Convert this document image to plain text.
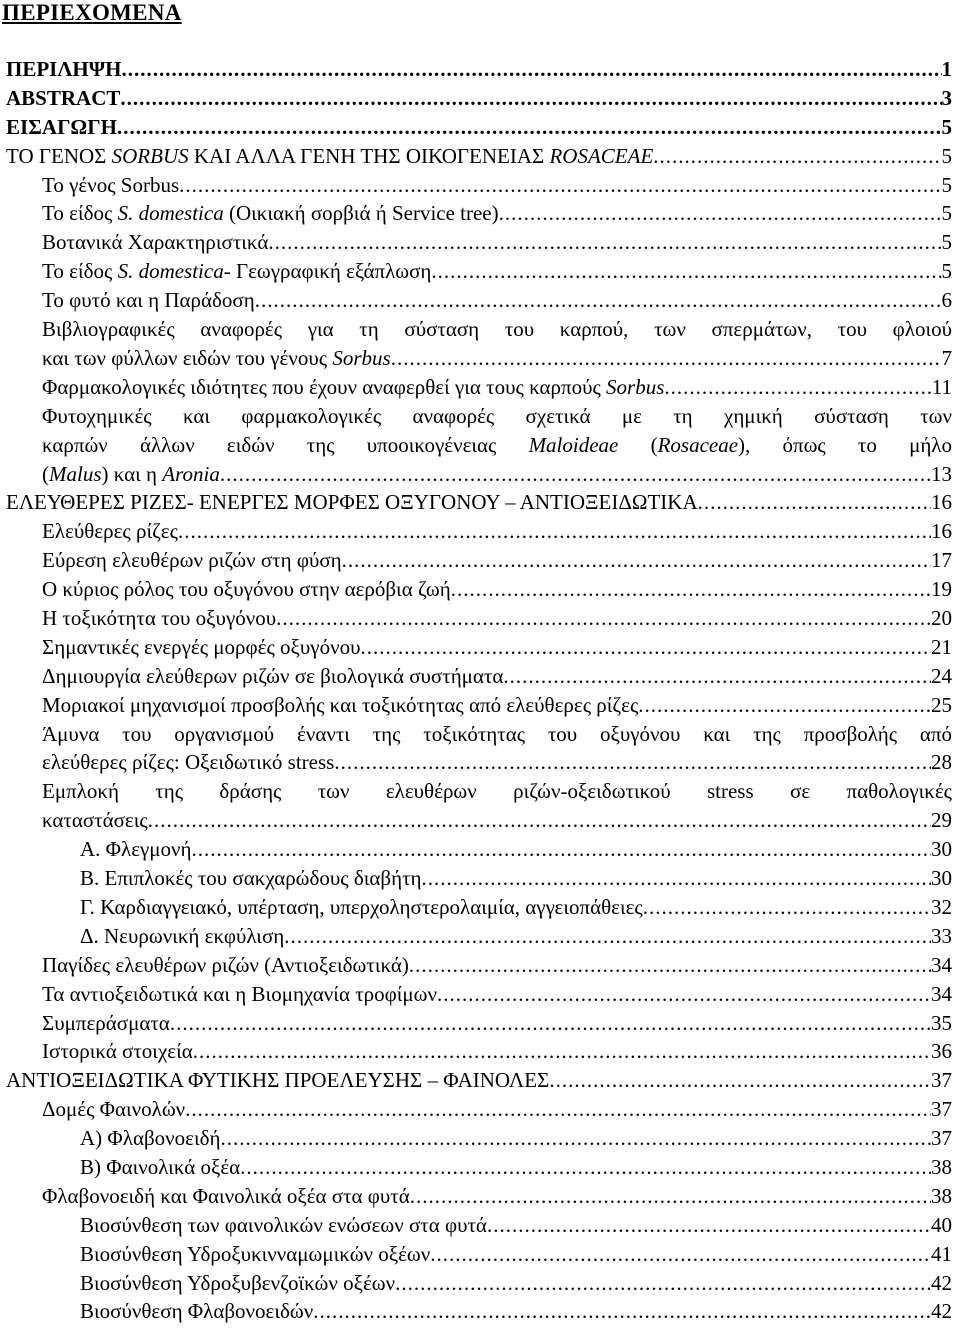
ΠΕΡΙΕΧΟΜΕΝΑ
ΠΕΡΙΛΗΨΗ .....	1
ABSTRACT .....	3
ΕΙΣΑΓΩΓΗ .....	5
ΤΟ ΓΕΝΟΣ SORBUS ΚΑΙ ΑΛΛΑ ΓΕΝΗ ΤΗΣ ΟΙΚΟΓΕΝΕΙΑΣ ROSACEAE .....	5
Το γένος Sorbus .....	5
Το είδος S. domestica (Οικιακή σορβιά ή Service tree) .....	5
Βοτανικά Χαρακτηριστικά .....	5
Το είδος S. domestica- Γεωγραφική εξάπλωση .....	5
Το φυτό και η Παράδοση .....	6
Βιβλιογραφικές αναφορές για τη σύσταση του καρπού, των σπερμάτων, του φλοιού
και των φύλλων ειδών του γένους Sorbus .....	7
Φαρμακολογικές ιδιότητες που έχουν αναφερθεί για τους καρπούς Sorbus .....	11
Φυτοχημικές και φαρμακολογικές αναφορές σχετικά με τη χημική σύσταση των
καρπών άλλων ειδών της υποοικογένειας Maloideae (Rosaceae), όπως το μήλο
(Malus) και η Aronia .....	13
ΕΛΕΥΘΕΡΕΣ ΡΙΖΕΣ- ΕΝΕΡΓΕΣ ΜΟΡΦΕΣ ΟΞΥΓΟΝΟΥ – ΑΝΤΙΟΞΕΙΔΩΤΙΚΑ .....	16
Ελεύθερες ρίζες .....	16
Εύρεση ελευθέρων ριζών στη φύση .....	17
Ο κύριος ρόλος του οξυγόνου στην αερόβια ζωή .....	19
Η τοξικότητα του οξυγόνου .....	20
Σημαντικές ενεργές μορφές οξυγόνου .....	21
Δημιουργία ελεύθερων ριζών σε βιολογικά συστήματα .....	24
Μοριακοί μηχανισμοί προσβολής και τοξικότητας από ελεύθερες ρίζες .....	25
Άμυνα του οργανισμού έναντι της τοξικότητας του οξυγόνου και της προσβολής από
ελεύθερες ρίζες: Οξειδωτικό stress .....	28
Εμπλοκή της δράσης των ελευθέρων ριζών-οξειδωτικού stress σε παθολογικές
καταστάσεις .....	29
Α. Φλεγμονή .....	30
Β. Επιπλοκές του σακχαρώδους διαβήτη .....	30
Γ. Καρδιαγγειακό, υπέρταση, υπερχοληστερολαιμία, αγγειοπάθειες .....	32
Δ. Νευρωνική εκφύλιση .....	33
Παγίδες ελευθέρων ριζών (Αντιοξειδωτικά) .....	34
Τα αντιοξειδωτικά και η Βιομηχανία τροφίμων .....	34
Συμπεράσματα .....	35
Ιστορικά στοιχεία .....	36
ΑΝΤΙΟΞΕΙΔΩΤΙΚΑ ΦΥΤΙΚΗΣ ΠΡΟΕΛΕΥΣΗΣ – ΦΑΙΝΟΛΕΣ .....	37
Δομές Φαινολών .....	37
Α) Φλαβονοειδή .....	37
Β) Φαινολικά οξέα .....	38
Φλαβονοειδή και Φαινολικά οξέα στα φυτά .....	38
Βιοσύνθεση των φαινολικών ενώσεων στα φυτά .....	40
Βιοσύνθεση Υδροξυκινναμωμικών οξέων .....	41
Βιοσύνθεση Υδροξυβενζοϊκών οξέων .....	42
Βιοσύνθεση Φλαβονοειδών .....	42
